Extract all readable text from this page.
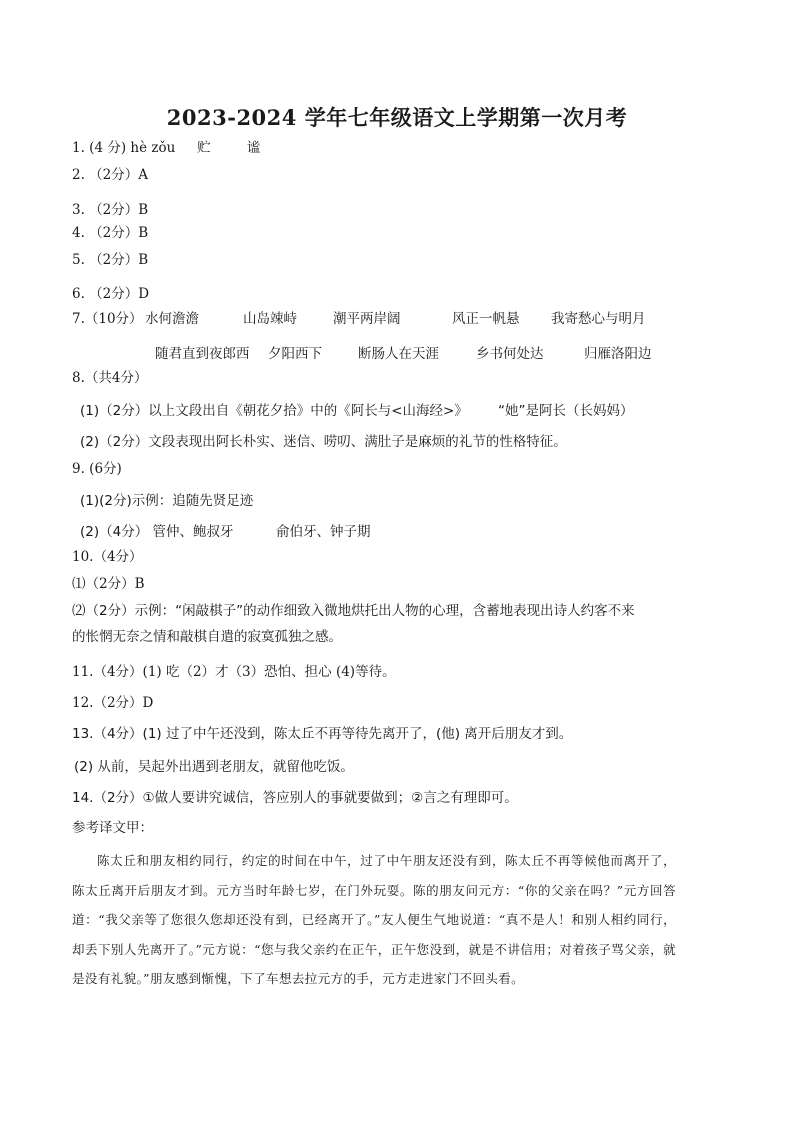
2023-2024 学年七年级语文上学期第一次月考
1. (4 分) hè zǒu 贮	谧
2. （2分）A
3. （2分）B
4. （2分）B
5. （2分）B
6. （2分）D
7.（10分） 水何澹澹	山岛竦峙	潮平两岸阔	风正一帆悬 我寄愁心与明月
随君直到夜郎西 夕阳西下	断肠人在天涯	乡书何处达	归雁洛阳边
8.（共4分）
(1)（2分）以上文段出自《朝花夕拾》中的《阿长与<山海经>》 “她”是阿长（长妈妈）
(2)（2分）文段表现出阿长朴实、迷信、唠叨、满肚子是麻烦的礼节的性格特征。
9. (6分)
(1)(2分)示例：追随先贤足迹
(2)（4分） 管仲、鲍叔牙	俞伯牙、钟子期
10.（4分）
⑴（2分）B
⑵（2分）示例：“闲敲棋子”的动作细致入微地烘托出人物的心理，含蓄地表现出诗人约客不来
的怅惘无奈之情和敲棋自遣的寂寞孤独之感。
11.（4分）(1) 吃（2）才（3）恐怕、担心 (4)等待。
12.（2分）D
13.（4分）(1) 过了中午还没到，陈太丘不再等待先离开了，(他) 离开后朋友才到。
(2) 从前，吴起外出遇到老朋友，就留他吃饭。
14.（2分）①做人要讲究诚信，答应别人的事就要做到；②言之有理即可。
参考译文甲：
陈太丘和朋友相约同行，约定的时间在中午，过了中午朋友还没有到，陈太丘不再等候他而离开了，陈太丘离开后朋友才到。元方当时年龄七岁，在门外玩耍。陈的朋友问元方：“你的父亲在吗？”元方回答道：“我父亲等了您很久您却还没有到，已经离开了。”友人便生气地说道：“真不是人！和别人相约同行，却丢下别人先离开了。”元方说：“您与我父亲约在正午，正午您没到，就是不讲信用；对着孩子骂父亲，就是没有礼貌。”朋友感到惭愧，下了车想去拉元方的手，元方走进家门不回头看。
